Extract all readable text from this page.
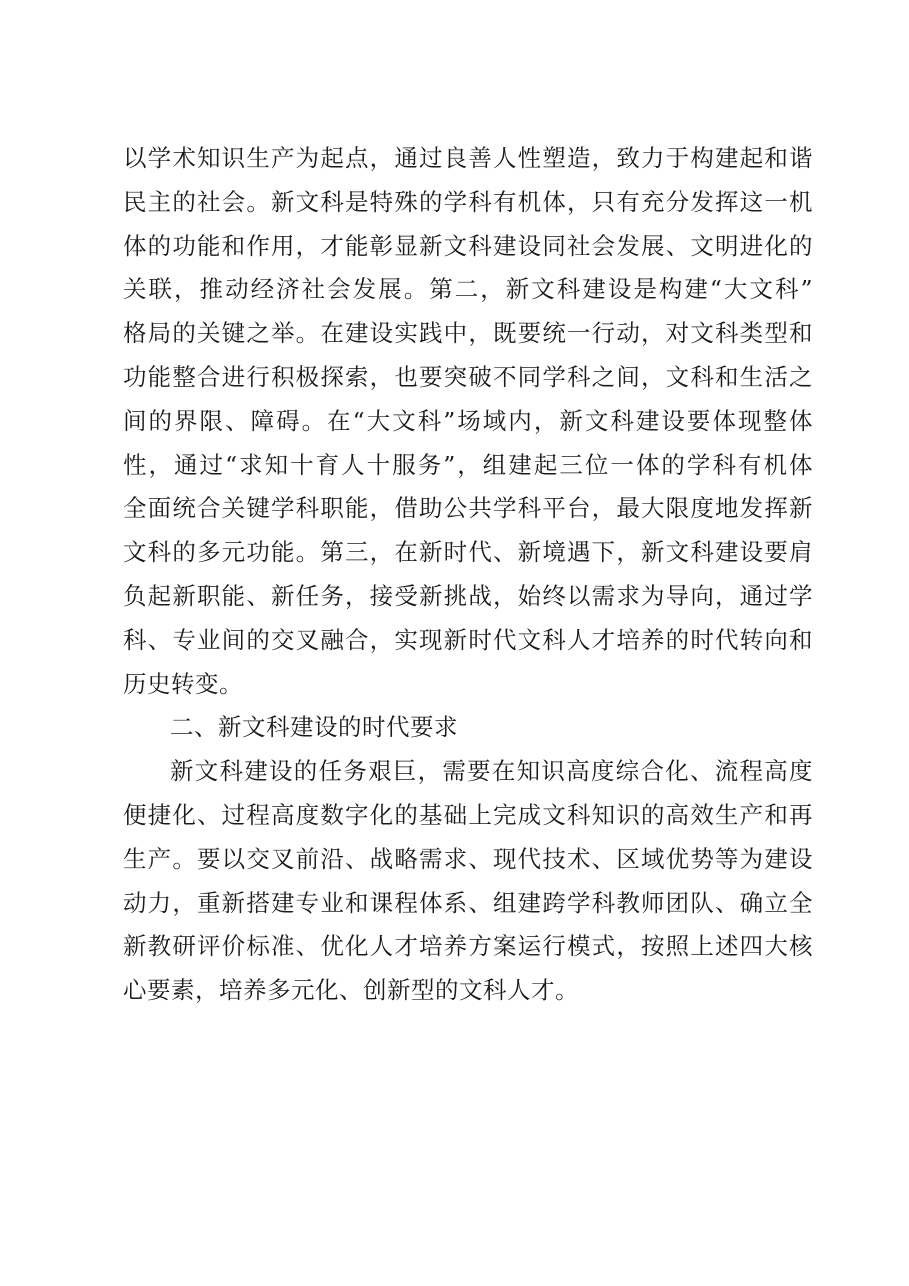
以学术知识生产为起点，通过良善人性塑造，致力于构建起和谐
民主的社会。新文科是特殊的学科有机体，只有充分发挥这一机
体的功能和作用，才能彰显新文科建设同社会发展、文明进化的
关联，推动经济社会发展。第二，新文科建设是构建“大文科”
格局的关键之举。在建设实践中，既要统一行动，对文科类型和
功能整合进行积极探索，也要突破不同学科之间，文科和生活之
间的界限、障碍。在“大文科”场域内，新文科建设要体现整体
性，通过“求知十育人十服务”，组建起三位一体的学科有机体
全面统合关键学科职能，借助公共学科平台，最大限度地发挥新
文科的多元功能。第三，在新时代、新境遇下，新文科建设要肩
负起新职能、新任务，接受新挑战，始终以需求为导向，通过学
科、专业间的交叉融合，实现新时代文科人才培养的时代转向和
历史转变。
二、新文科建设的时代要求
新文科建设的任务艰巨，需要在知识高度综合化、流程高度
便捷化、过程高度数字化的基础上完成文科知识的高效生产和再
生产。要以交叉前沿、战略需求、现代技术、区域优势等为建设
动力，重新搭建专业和课程体系、组建跨学科教师团队、确立全
新教研评价标准、优化人才培养方案运行模式，按照上述四大核
心要素，培养多元化、创新型的文科人才。
